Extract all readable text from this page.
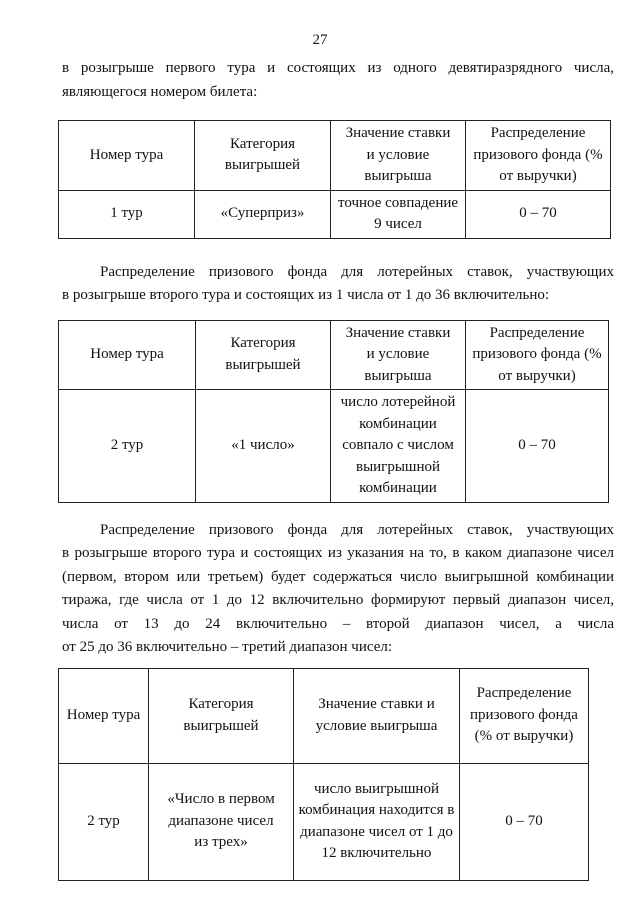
27
в розыгрыше первого тура и состоящих из одного девятиразрядного числа,
являющегося номером билета:
Номер тура	Категория выигрышей	Значение ставки и условие выигрыша	Распределение призового фонда (% от выручки)
1 тур	«Суперприз»	точное совпадение 9 чисел	0 – 70
Распределение призового фонда для лотерейных ставок, участвующих
в розыгрыше второго тура и состоящих из 1 числа от 1 до 36 включительно:
Номер тура	Категория выигрышей	Значение ставки и условие выигрыша	Распределение призового фонда (% от выручки)
2 тур	«1 число»	число лотерейной комбинации совпало с числом выигрышной комбинации	0 – 70
Распределение призового фонда для лотерейных ставок, участвующих
в розыгрыше второго тура и состоящих из указания на то, в каком диапазоне чисел
(первом, втором или третьем) будет содержаться число выигрышной комбинации
тиража, где числа от 1 до 12 включительно формируют первый диапазон чисел,
числа от 13 до 24 включительно – второй диапазон чисел, а числа
от 25 до 36 включительно – третий диапазон чисел:
Номер тура	Категория выигрышей	Значение ставки и условие выигрыша	Распределение призового фонда (% от выручки)
2 тур	«Число в первом диапазоне чисел из трех»	число выигрышной комбинация находится в диапазоне чисел от 1 до 12 включительно	0 – 70
